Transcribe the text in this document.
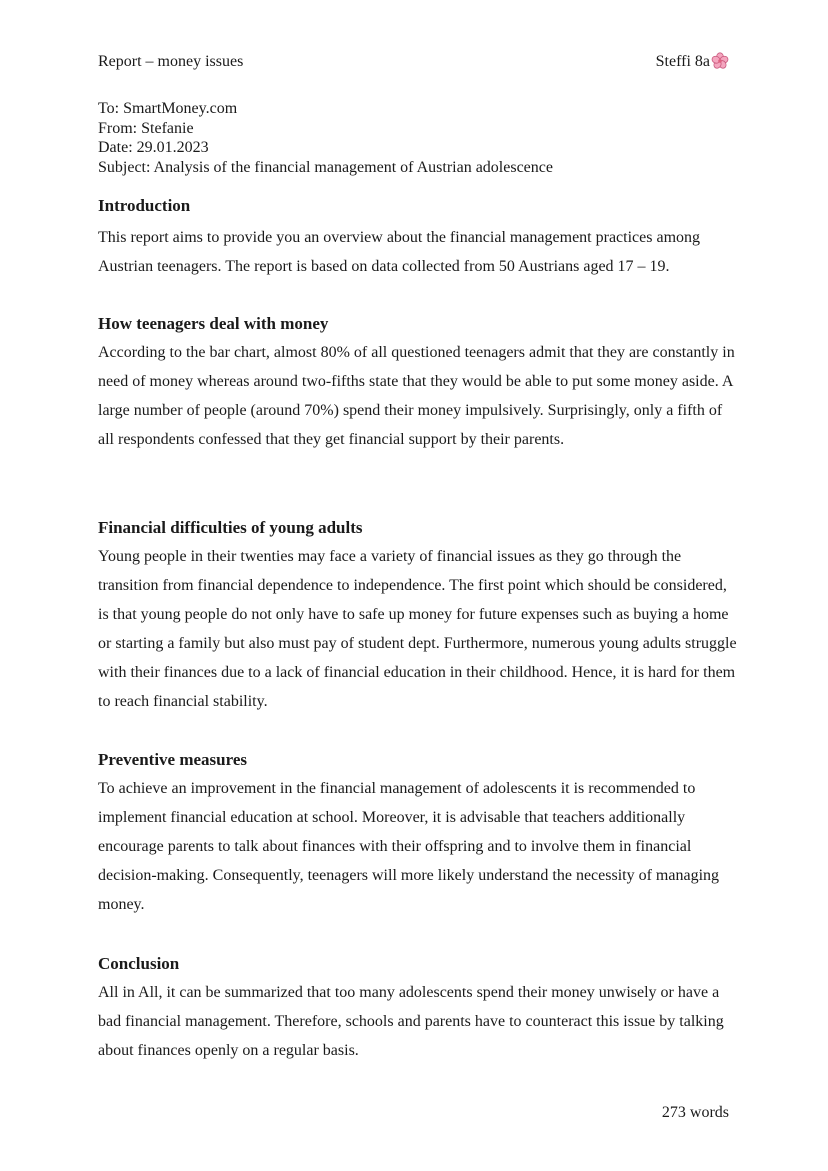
Report – money issues	Steffi 8a
To: SmartMoney.com
From: Stefanie
Date: 29.01.2023
Subject: Analysis of the financial management of Austrian adolescence
Introduction

This report aims to provide you an overview about the financial management practices among Austrian teenagers. The report is based on data collected from 50 Austrians aged 17 – 19.

How teenagers deal with money

According to the bar chart, almost 80% of all questioned teenagers admit that they are constantly in need of money whereas around two-fifths state that they would be able to put some money aside. A large number of people (around 70%) spend their money impulsively. Surprisingly, only a fifth of all respondents confessed that they get financial support by their parents.

Financial difficulties of young adults

Young people in their twenties may face a variety of financial issues as they go through the transition from financial dependence to independence. The first point which should be considered, is that young people do not only have to safe up money for future expenses such as buying a home or starting a family but also must pay of student dept. Furthermore, numerous young adults struggle with their finances due to a lack of financial education in their childhood. Hence, it is hard for them to reach financial stability.

Preventive measures

To achieve an improvement in the financial management of adolescents it is recommended to implement financial education at school. Moreover, it is advisable that teachers additionally encourage parents to talk about finances with their offspring and to involve them in financial decision-making. Consequently, teenagers will more likely understand the necessity of managing money.

Conclusion

All in All, it can be summarized that too many adolescents spend their money unwisely or have a bad financial management. Therefore, schools and parents have to counteract this issue by talking about finances openly on a regular basis.

273 words
